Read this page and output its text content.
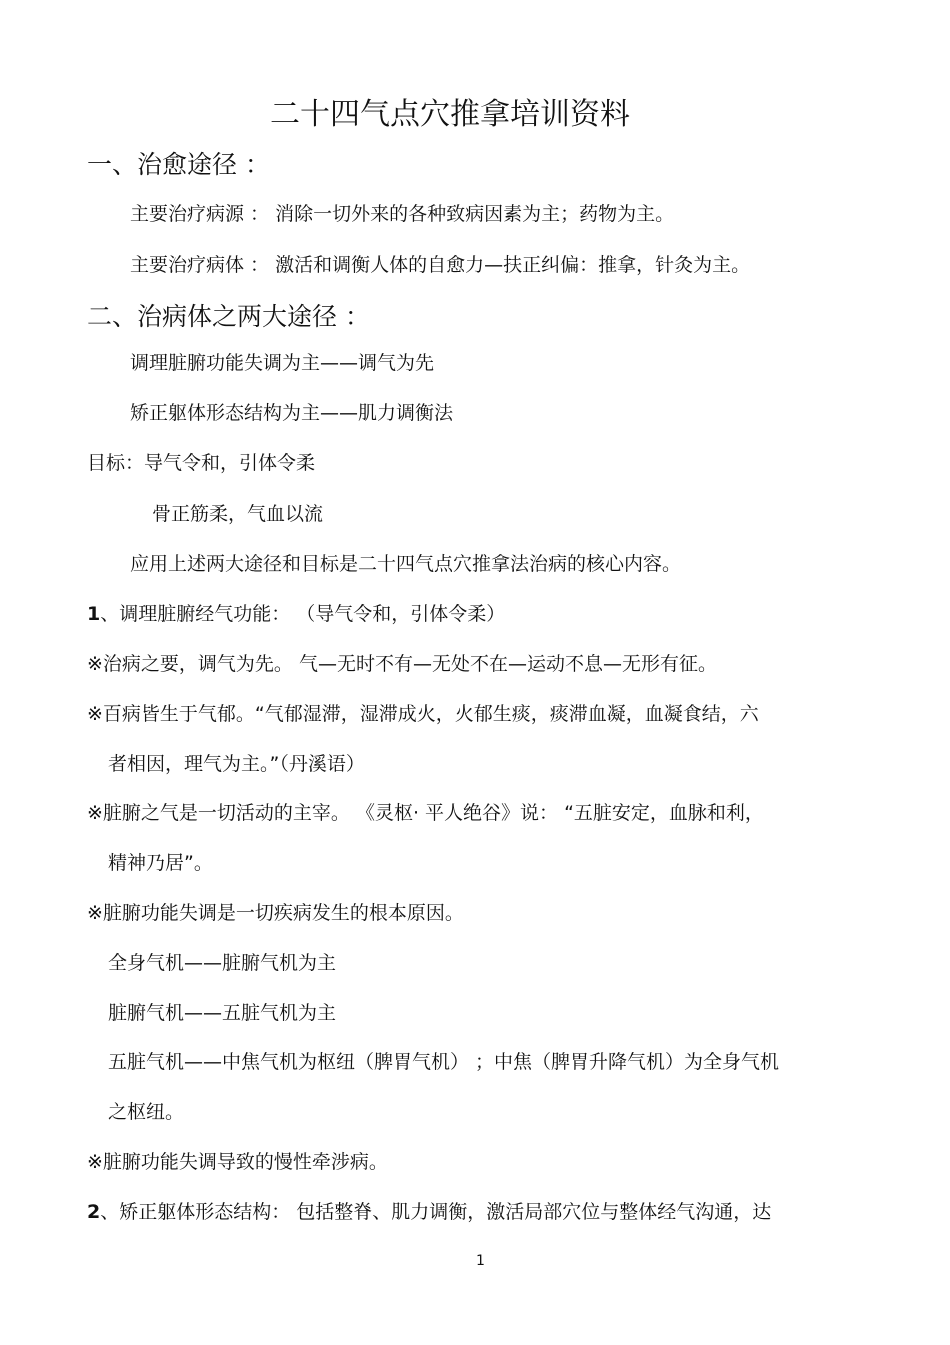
二十四气点穴推拿培训资料
一、治愈途径 ：
主要治疗病源 ： 消除一切外来的各种致病因素为主；药物为主。
主要治疗病体 ： 激活和调衡人体的自愈力—扶正纠偏：推拿，针灸为主。
二、治病体之两大途径 ：
调理脏腑功能失调为主——调气为先
矫正躯体形态结构为主——肌力调衡法
目标：导气令和，引体令柔
骨正筋柔，气血以流
应用上述两大途径和目标是二十四气点穴推拿法治病的核心内容。
1、调理脏腑经气功能： （导气令和，引体令柔）
※治病之要，调气为先。 气—无时不有—无处不在—运动不息—无形有征。
※百病皆生于气郁。“气郁湿滞，湿滞成火，火郁生痰，痰滞血凝，血凝食结，六
者相因，理气为主。”（丹溪语）
※脏腑之气是一切活动的主宰。 《灵枢· 平人绝谷》说： “五脏安定，血脉和利，
精神乃居”。
※脏腑功能失调是一切疾病发生的根本原因。
全身气机——脏腑气机为主
脏腑气机——五脏气机为主
五脏气机——中焦气机为枢纽（脾胃气机） ；中焦（脾胃升降气机）为全身气机
之枢纽。
※脏腑功能失调导致的慢性牵涉病。
2、矫正躯体形态结构： 包括整脊、肌力调衡，激活局部穴位与整体经气沟通，达
1
